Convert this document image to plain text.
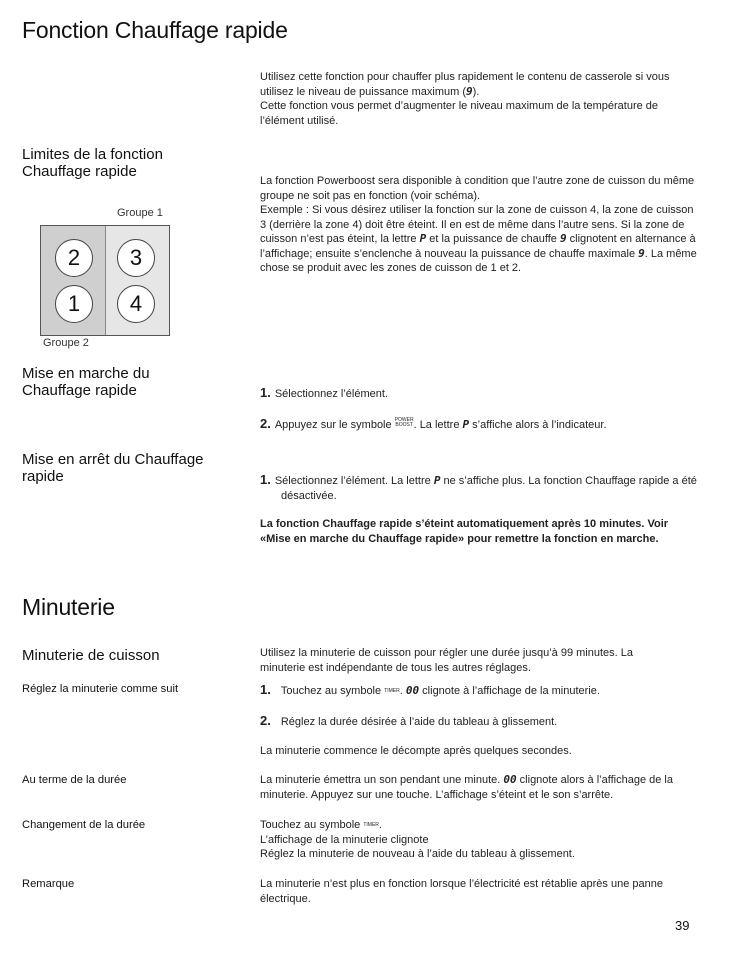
Fonction Chauffage rapide
Utilisez cette fonction pour chauffer plus rapidement le contenu de casserole si vous utilisez le niveau de puissance maximum (9).
Cette fonction vous permet d’augmenter le niveau maximum de la température de l’élément utilisé.
Limites de la fonction Chauffage rapide
La fonction Powerboost sera disponible à condition que l’autre zone de cuisson du même groupe ne soit pas en fonction (voir schéma).
Exemple : Si vous désirez utiliser la fonction sur la zone de cuisson 4, la zone de cuisson 3 (derrière la zone 4) doit être éteint. Il en est de même dans l’autre sens. Si la zone de cuisson n’est pas éteint, la lettre P et la puissance de chauffe 9 clignotent en alternance à l’affichage; ensuite s’enclenche à nouveau la puissance de chauffe maximale 9. La même chose se produit avec les zones de cuisson de 1 et 2.
Groupe 1
2	3
1	4
Groupe 2
Mise en marche du Chauffage rapide	1. Sélectionnez l’élément.
2. Appuyez sur le symbole POWER
BOOST. La lettre P s’affiche alors à l’indicateur.
Mise en arrêt du Chauffage rapide	1. Sélectionnez l’élément. La lettre P ne s’affiche plus. La fonction Chauffage rapide a été désactivée.
La fonction Chauffage rapide s’éteint automatiquement après 10 minutes. Voir «Mise en marche du Chauffage rapide» pour remettre la fonction en marche.
Minuterie
Minuterie de cuisson	Utilisez la minuterie de cuisson pour régler une durée jusqu’à 99 minutes. La minuterie est indépendante de tous les autres réglages.
Réglez la minuterie comme suit	1. Touchez au symbole TIMER. 00 clignote à l’affichage de la minuterie.
2. Réglez la durée désirée à l’aide du tableau à glissement.
La minuterie commence le décompte après quelques secondes.
Au terme de la durée	La minuterie émettra un son pendant une minute. 00 clignote alors à l’affichage de la minuterie. Appuyez sur une touche. L’affichage s’éteint et le son s’arrête.
Changement de la durée	Touchez au symbole TIMER.
L’affichage de la minuterie clignote
Réglez la minuterie de nouveau à l’aide du tableau à glissement.
Remarque	La minuterie n’est plus en fonction lorsque l’électricité est rétablie après une panne électrique.
39
